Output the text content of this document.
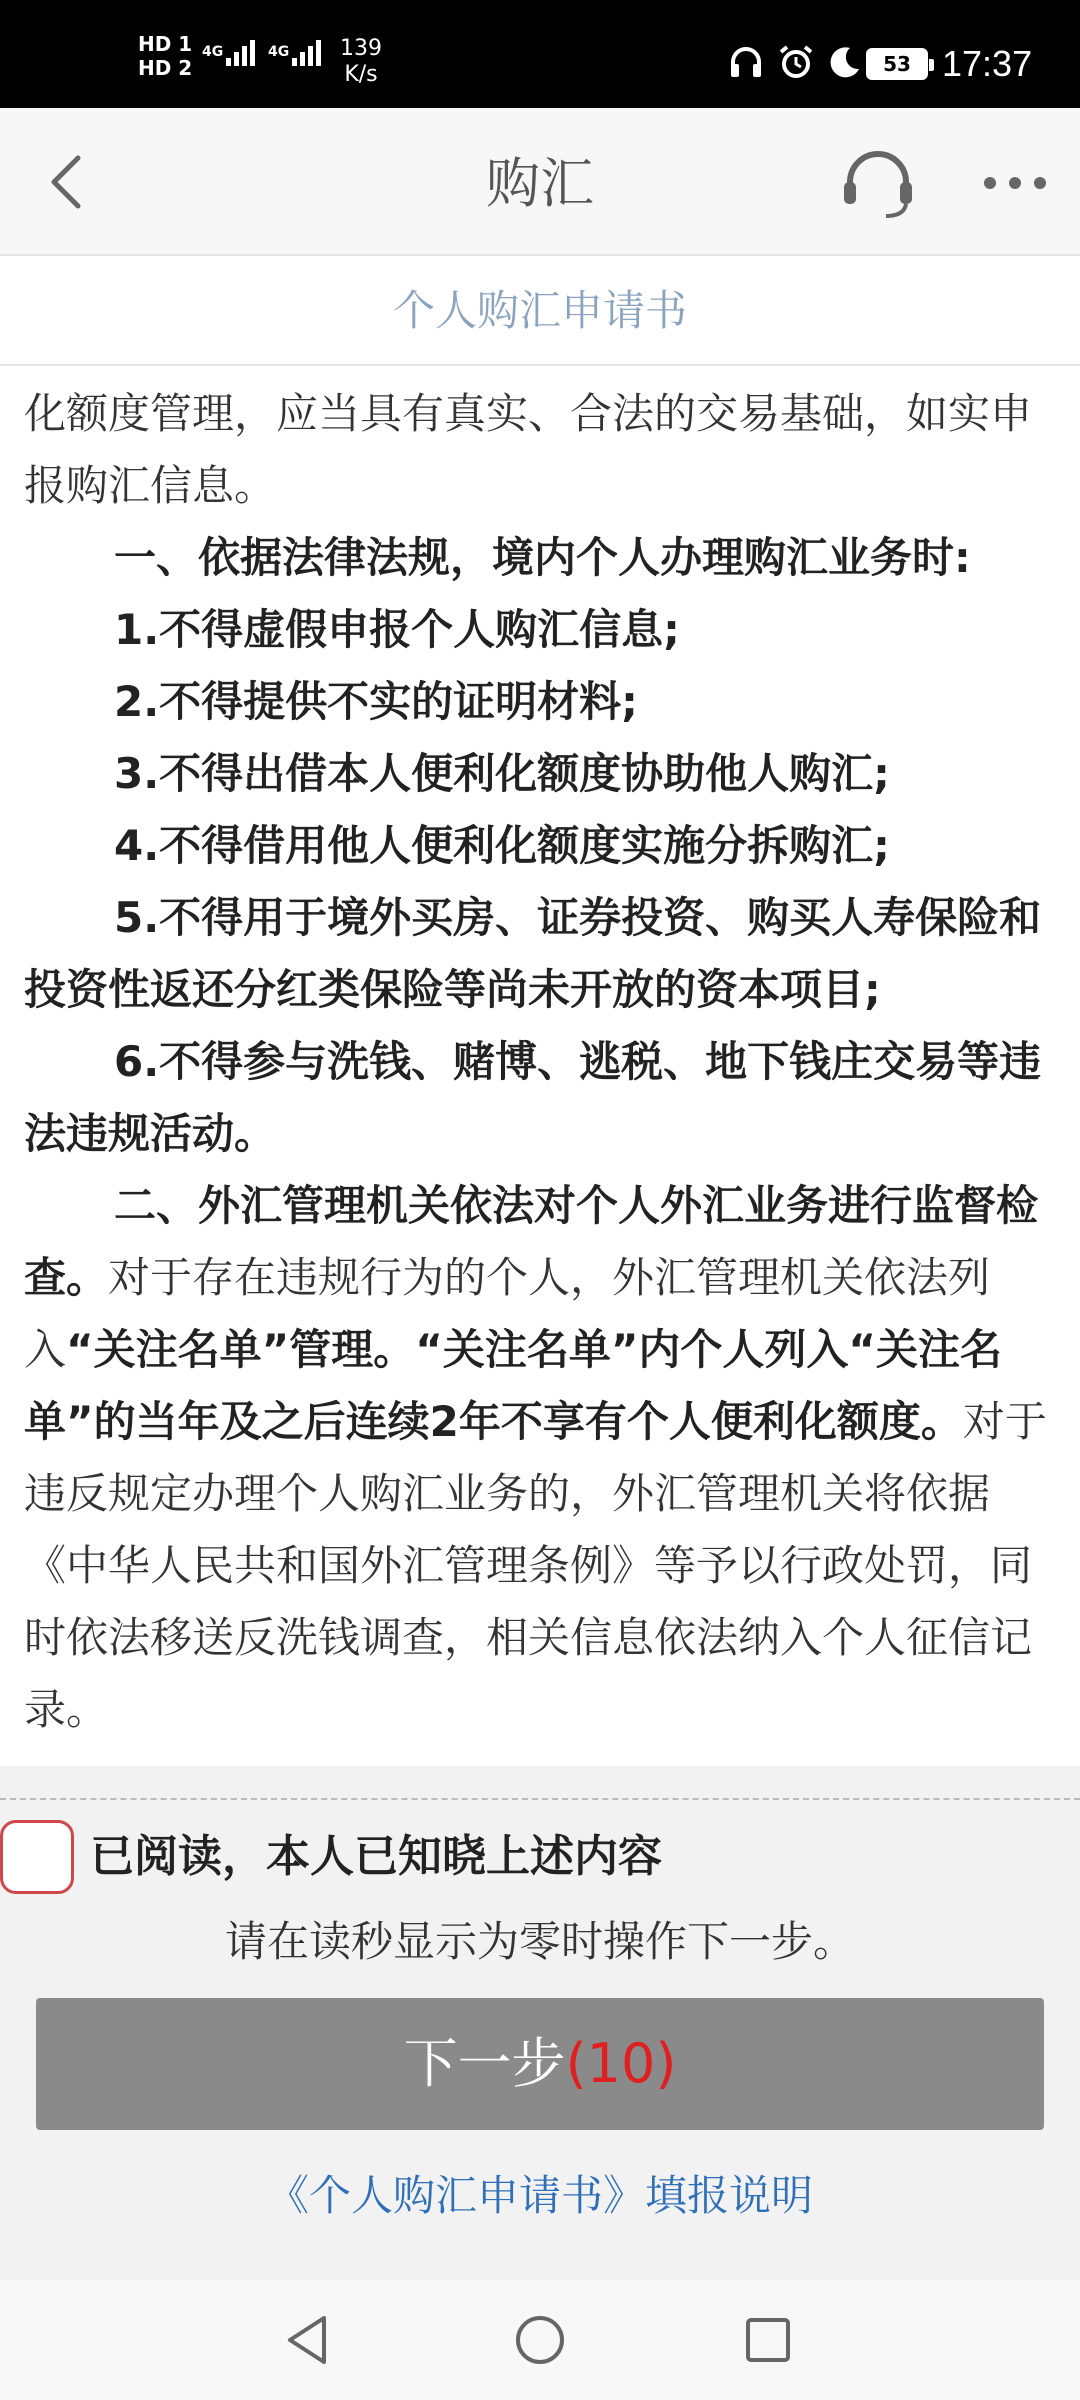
HD 1
HD 2
4G	4G 139
K/s	53 17:37
购汇
个人购汇申请书

化额度管理，应当具有真实、合法的交易基础，如实申报购汇信息。

一、依据法律法规，境内个人办理购汇业务时:

1.不得虚假申报个人购汇信息;

2.不得提供不实的证明材料;

3.不得出借本人便利化额度协助他人购汇;

4.不得借用他人便利化额度实施分拆购汇;

5.不得用于境外买房、证券投资、购买人寿保险和投资性返还分红类保险等尚未开放的资本项目;

6.不得参与洗钱、赌博、逃税、地下钱庄交易等违法违规活动。

二、外汇管理机关依法对个人外汇业务进行监督检查。对于存在违规行为的个人，外汇管理机关依法列入“关注名单”管理。“关注名单”内个人列入“关注名单”的当年及之后连续2年不享有个人便利化额度。对于违反规定办理个人购汇业务的，外汇管理机关将依据《中华人民共和国外汇管理条例》等予以行政处罚，同时依法移送反洗钱调查，相关信息依法纳入个人征信记录。

已阅读，本人已知晓上述内容
请在读秒显示为零时操作下一步。
下一步(10)
《个人购汇申请书》填报说明
